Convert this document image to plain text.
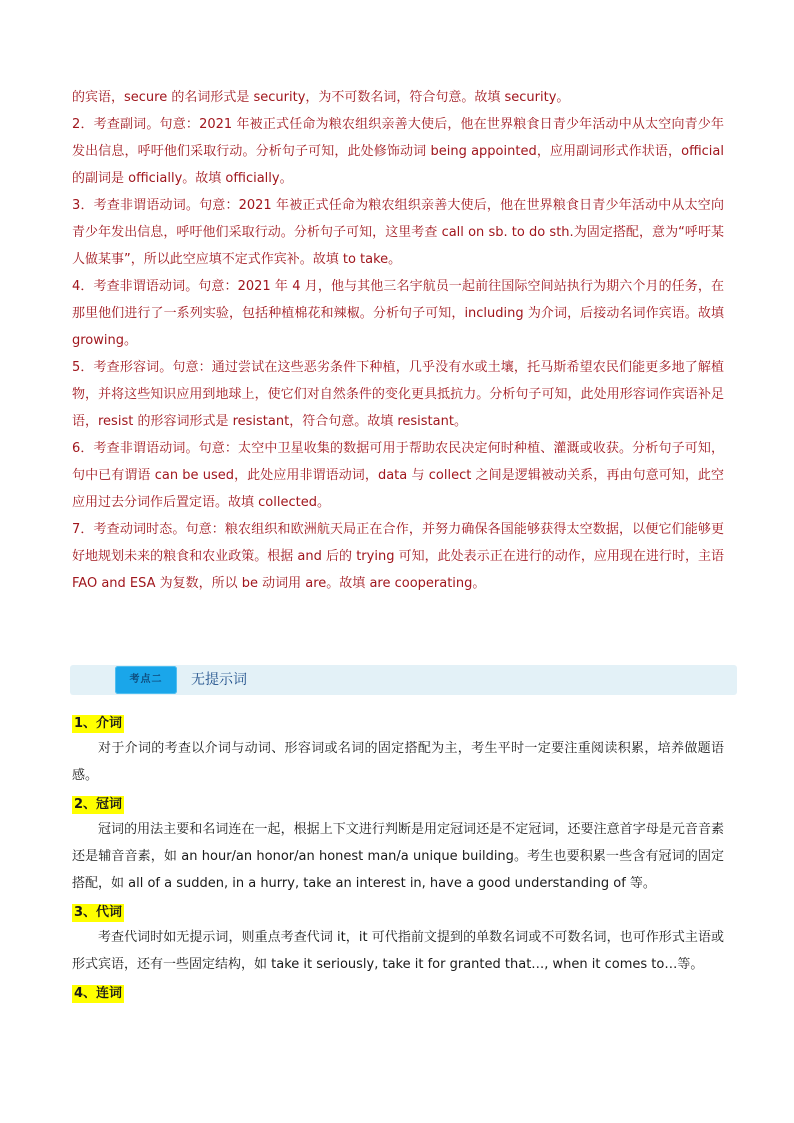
的宾语，secure 的名词形式是 security，为不可数名词，符合句意。故填 security。

2．考查副词。句意：2021 年被正式任命为粮农组织亲善大使后，他在世界粮食日青少年活动中从太空向青少年发出信息，呼吁他们采取行动。分析句子可知，此处修饰动词 being appointed，应用副词形式作状语，official 的副词是 officially。故填 officially。

3．考查非谓语动词。句意：2021 年被正式任命为粮农组织亲善大使后，他在世界粮食日青少年活动中从太空向青少年发出信息，呼吁他们采取行动。分析句子可知，这里考查 call on sb. to do sth.为固定搭配，意为“呼吁某人做某事”，所以此空应填不定式作宾补。故填 to take。

4．考查非谓语动词。句意：2021 年 4 月，他与其他三名宇航员一起前往国际空间站执行为期六个月的任务，在那里他们进行了一系列实验，包括种植棉花和辣椒。分析句子可知，including 为介词，后接动名词作宾语。故填 growing。

5．考查形容词。句意：通过尝试在这些恶劣条件下种植，几乎没有水或土壤，托马斯希望农民们能更多地了解植物，并将这些知识应用到地球上，使它们对自然条件的变化更具抵抗力。分析句子可知，此处用形容词作宾语补足语，resist 的形容词形式是 resistant，符合句意。故填 resistant。

6．考查非谓语动词。句意：太空中卫星收集的数据可用于帮助农民决定何时种植、灌溉或收获。分析句子可知，句中已有谓语 can be used，此处应用非谓语动词，data 与 collect 之间是逻辑被动关系，再由句意可知，此空应用过去分词作后置定语。故填 collected。

7．考查动词时态。句意：粮农组织和欧洲航天局正在合作，并努力确保各国能够获得太空数据，以便它们能够更好地规划未来的粮食和农业政策。根据 and 后的 trying 可知，此处表示正在进行的动作，应用现在进行时，主语 FAO and ESA 为复数，所以 be 动词用 are。故填 are cooperating。

考点二	无提示词
1、介词

对于介词的考查以介词与动词、形容词或名词的固定搭配为主，考生平时一定要注重阅读积累，培养做题语感。

2、冠词

冠词的用法主要和名词连在一起，根据上下文进行判断是用定冠词还是不定冠词，还要注意首字母是元音音素还是辅音音素，如 an hour/an honor/an honest man/a unique building。考生也要积累一些含有冠词的固定搭配，如 all of a sudden, in a hurry, take an interest in, have a good understanding of 等。

3、代词

考查代词时如无提示词，则重点考查代词 it，it 可代指前文提到的单数名词或不可数名词，也可作形式主语或形式宾语，还有一些固定结构，如 take it seriously, take it for granted that…, when it comes to…等。

4、连词
